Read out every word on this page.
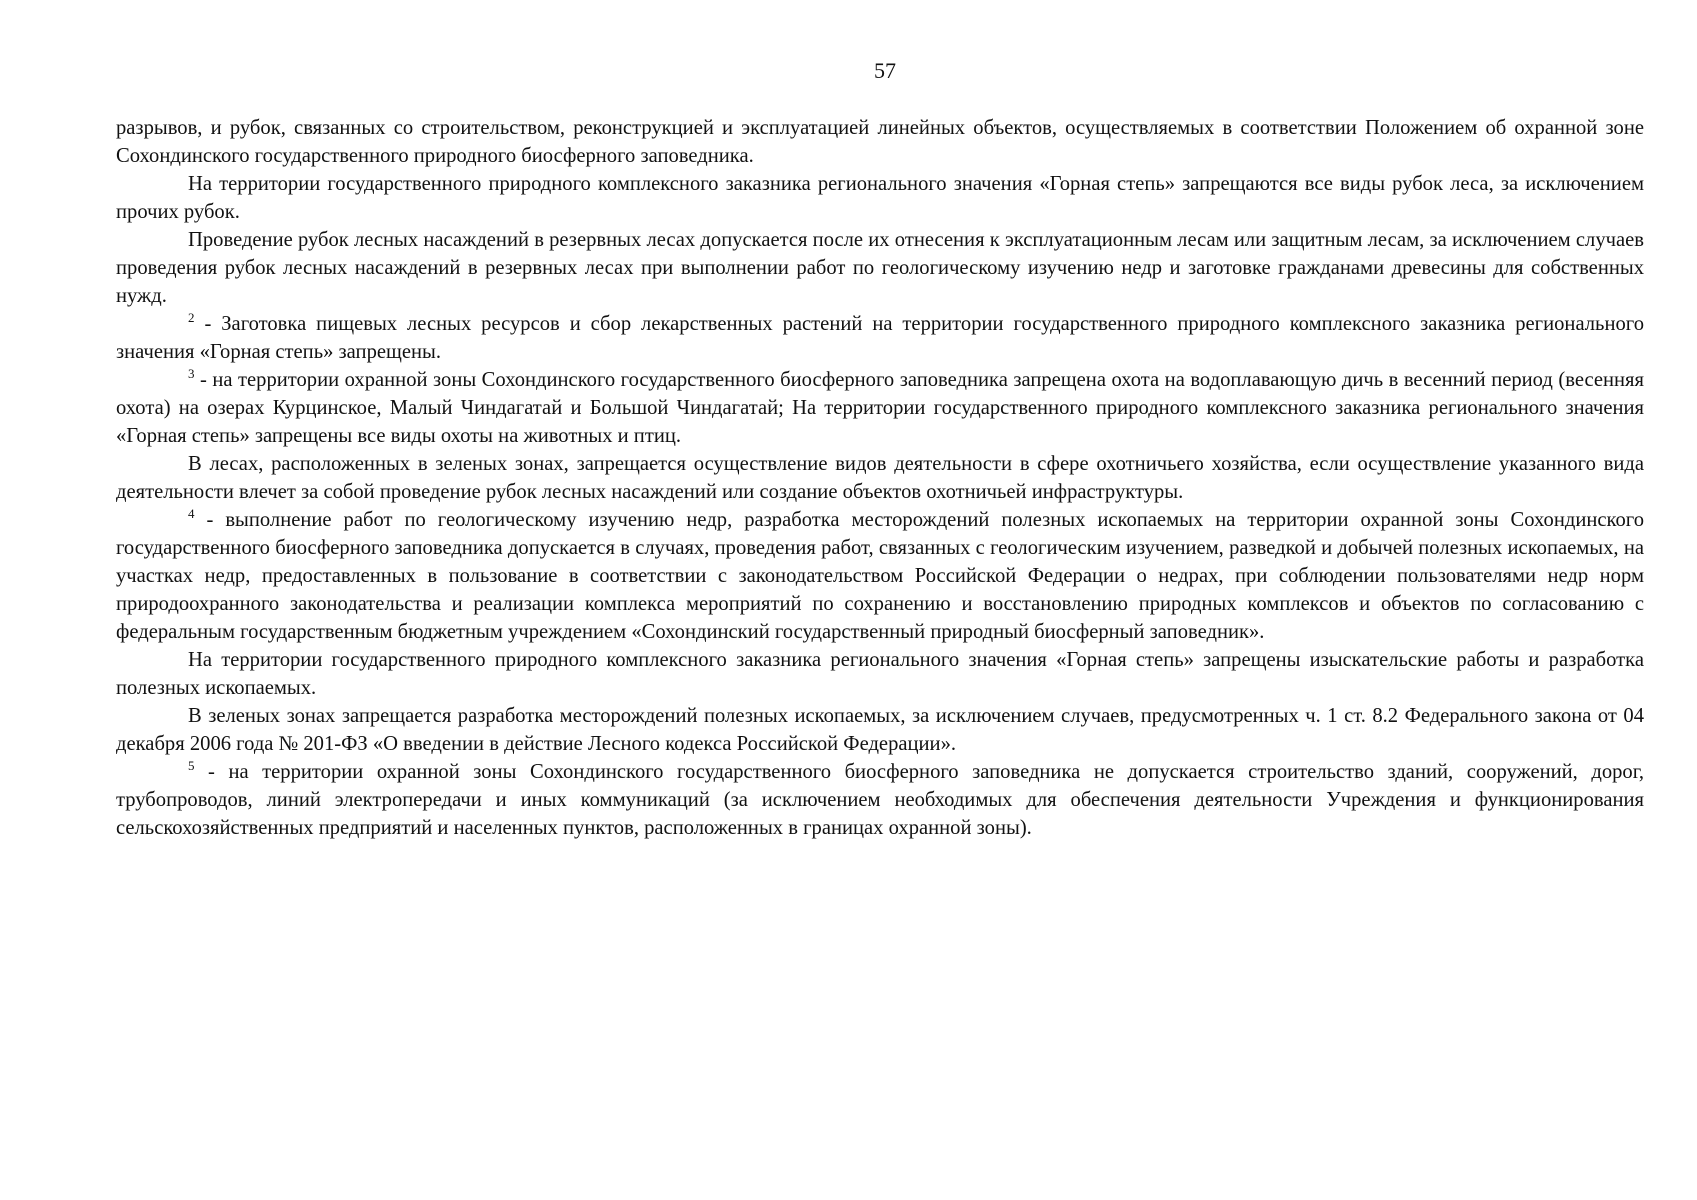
57

разрывов, и рубок, связанных со строительством, реконструкцией и эксплуатацией линейных объектов, осуществляемых в соответствии Положением об охранной зоне Сохондинского государственного природного биосферного заповедника.

На территории государственного природного комплексного заказника регионального значения «Горная степь» запрещаются все виды рубок леса, за исключением прочих рубок.

Проведение рубок лесных насаждений в резервных лесах допускается после их отнесения к эксплуатационным лесам или защитным лесам, за исключением случаев проведения рубок лесных насаждений в резервных лесах при выполнении работ по геологическому изучению недр и заготовке гражданами древесины для собственных нужд.

$^2$ - Заготовка пищевых лесных ресурсов и сбор лекарственных растений на территории государственного природного комплексного заказника регионального значения «Горная степь» запрещены.

$^3$ - на территории охранной зоны Сохондинского государственного биосферного заповедника запрещена охота на водоплавающую дичь в весенний период (весенняя охота) на озерах Курцинское, Малый Чиндагатай и Большой Чиндагатай; На территории государственного природного комплексного заказника регионального значения «Горная степь» запрещены все виды охоты на животных и птиц.

В лесах, расположенных в зеленых зонах, запрещается осуществление видов деятельности в сфере охотничьего хозяйства, если осуществление указанного вида деятельности влечет за собой проведение рубок лесных насаждений или создание объектов охотничьей инфраструктуры.

$^4$ - выполнение работ по геологическому изучению недр, разработка месторождений полезных ископаемых на территории охранной зоны Сохондинского государственного биосферного заповедника допускается в случаях, проведения работ, связанных с геологическим изучением, разведкой и добычей полезных ископаемых, на участках недр, предоставленных в пользование в соответствии с законодательством Российской Федерации о недрах, при соблюдении пользователями недр норм природоохранного законодательства и реализации комплекса мероприятий по сохранению и восстановлению природных комплексов и объектов по согласованию с федеральным государственным бюджетным учреждением «Сохондинский государственный природный биосферный заповедник».

На территории государственного природного комплексного заказника регионального значения «Горная степь» запрещены изыскательские работы и разработка полезных ископаемых.

В зеленых зонах запрещается разработка месторождений полезных ископаемых, за исключением случаев, предусмотренных ч. 1 ст. 8.2 Федерального закона от 04 декабря 2006 года № 201-ФЗ «О введении в действие Лесного кодекса Российской Федерации».

$^5$ - на территории охранной зоны Сохондинского государственного биосферного заповедника не допускается строительство зданий, сооружений, дорог, трубопроводов, линий электропередачи и иных коммуникаций (за исключением необходимых для обеспечения деятельности Учреждения и функционирования сельскохозяйственных предприятий и населенных пунктов, расположенных в границах охранной зоны).
